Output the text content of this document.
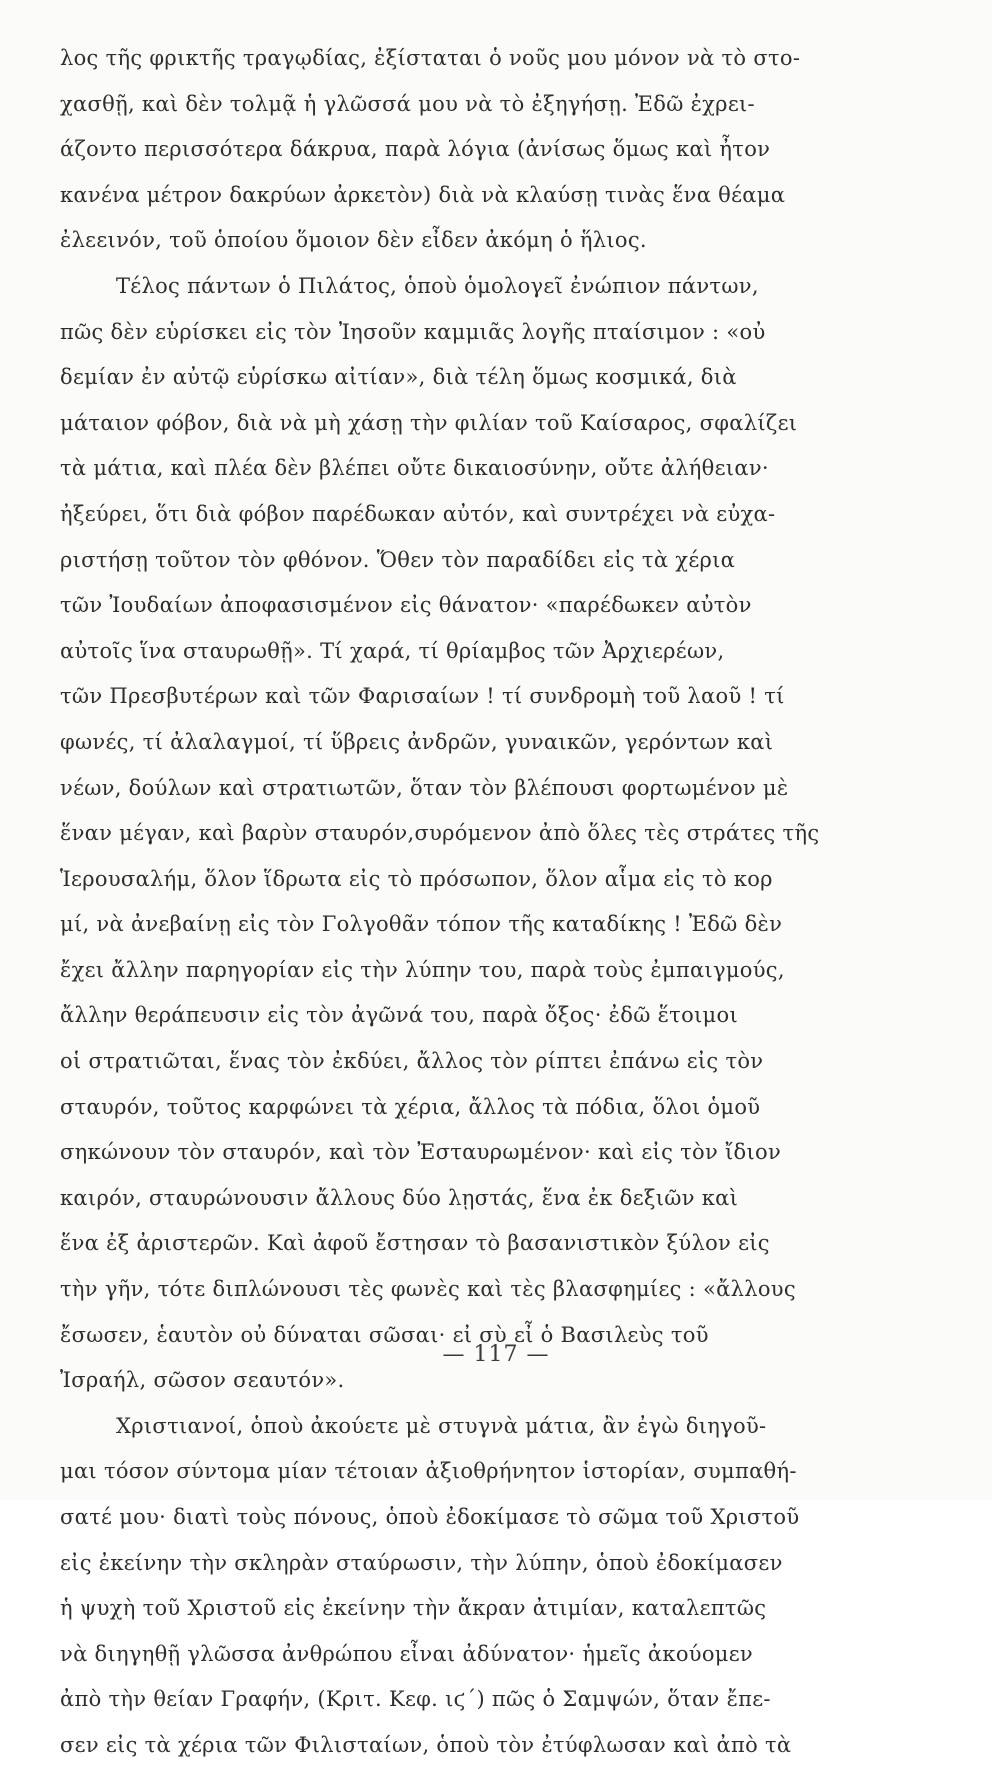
λος τῆς φρικτῆς τραγῳδίας, ἐξίσταται ὁ νοῦς μου μόνον νὰ τὸ στο-
χασθῇ, καὶ δὲν τολμᾷ ἡ γλῶσσά μου νὰ τὸ ἐξηγήσῃ. Ἐδῶ ἐχρει-
άζοντο περισσότερα δάκρυα, παρὰ λόγια (ἀνίσως ὅμως καὶ ἦτον
κανένα μέτρον δακρύων ἀρκετὸν) διὰ νὰ κλαύσῃ τινὰς ἕνα θέαμα
ἐλεεινόν, τοῦ ὁποίου ὅμοιον δὲν εἶδεν ἀκόμη ὁ ἥλιος.
Τέλος πάντων ὁ Πιλάτος, ὁποὺ ὁμολογεῖ ἐνώπιον πάντων,
πῶς δὲν εὑρίσκει εἰς τὸν Ἰησοῦν καμμιᾶς λογῆς πταίσιμον : «οὐ
δεμίαν ἐν αὐτῷ εὑρίσκω αἰτίαν», διὰ τέλη ὅμως κοσμικά, διὰ
μάταιον φόβον, διὰ νὰ μὴ χάσῃ τὴν φιλίαν τοῦ Καίσαρος, σφαλίζει
τὰ μάτια, καὶ πλέα δὲν βλέπει οὔτε δικαιοσύνην, οὔτε ἀλήθειαν·
ἠξεύρει, ὅτι διὰ φόβον παρέδωκαν αὐτόν, καὶ συντρέχει νὰ εὐχα-
ριστήσῃ τοῦτον τὸν φθόνον. Ὅθεν τὸν παραδίδει εἰς τὰ χέρια
τῶν Ἰουδαίων ἀποφασισμένον εἰς θάνατον· «παρέδωκεν αὐτὸν
αὐτοῖς ἵνα σταυρωθῇ». Τί χαρά, τί θρίαμβος τῶν Ἀρχιερέων,
τῶν Πρεσβυτέρων καὶ τῶν Φαρισαίων ! τί συνδρομὴ τοῦ λαοῦ ! τί
φωνές, τί ἀλαλαγμοί, τί ὕβρεις ἀνδρῶν, γυναικῶν, γερόντων καὶ
νέων, δούλων καὶ στρατιωτῶν, ὅταν τὸν βλέπουσι φορτωμένον μὲ
ἕναν μέγαν, καὶ βαρὺν σταυρόν,συρόμενον ἀπὸ ὅλες τὲς στράτες τῆς
Ἱερουσαλήμ, ὅλον ἵδρωτα εἰς τὸ πρόσωπον, ὅλον αἷμα εἰς τὸ κορ
μί, νὰ ἀνεβαίνῃ εἰς τὸν Γολγοθᾶν τόπον τῆς καταδίκης ! Ἐδῶ δὲν
ἔχει ἄλλην παρηγορίαν εἰς τὴν λύπην του, παρὰ τοὺς ἐμπαιγμούς,
ἄλλην θεράπευσιν εἰς τὸν ἀγῶνά του, παρὰ ὄξος· ἐδῶ ἕτοιμοι
οἱ στρατιῶται, ἕνας τὸν ἐκδύει, ἄλλος τὸν ρίπτει ἐπάνω εἰς τὸν
σταυρόν, τοῦτος καρφώνει τὰ χέρια, ἄλλος τὰ πόδια, ὅλοι ὁμοῦ
σηκώνουν τὸν σταυρόν, καὶ τὸν Ἐσταυρωμένον· καὶ εἰς τὸν ἴδιον
καιρόν, σταυρώνουσιν ἄλλους δύο λῃστάς, ἕνα ἐκ δεξιῶν καὶ
ἕνα ἐξ ἀριστερῶν. Καὶ ἀφοῦ ἔστησαν τὸ βασανιστικὸν ξύλον εἰς
τὴν γῆν, τότε διπλώνουσι τὲς φωνὲς καὶ τὲς βλασφημίες : «ἄλλους
ἔσωσεν, ἑαυτὸν οὐ δύναται σῶσαι· εἰ σὺ εἶ ὁ Βασιλεὺς τοῦ
Ἰσραήλ, σῶσον σεαυτόν».
Χριστιανοί, ὁποὺ ἀκούετε μὲ στυγνὰ μάτια, ἂν ἐγὼ διηγοῦ-
μαι τόσον σύντομα μίαν τέτοιαν ἀξιοθρήνητον ἱστορίαν, συμπαθή-
σατέ μου· διατὶ τοὺς πόνους, ὁποὺ ἐδοκίμασε τὸ σῶμα τοῦ Χριστοῦ
εἰς ἐκείνην τὴν σκληρὰν σταύρωσιν, τὴν λύπην, ὁποὺ ἐδοκίμασεν
ἡ ψυχὴ τοῦ Χριστοῦ εἰς ἐκείνην τὴν ἄκραν ἀτιμίαν, καταλεπτῶς
νὰ διηγηθῇ γλῶσσα ἀνθρώπου εἶναι ἀδύνατον· ἡμεῖς ἀκούομεν
ἀπὸ τὴν θείαν Γραφήν, (Κριτ. Κεφ. ιϛ΄) πῶς ὁ Σαμψών, ὅταν ἔπε-
σεν εἰς τὰ χέρια τῶν Φιλισταίων, ὁποὺ τὸν ἐτύφλωσαν καὶ ἀπὸ τὰ
— 117 —
